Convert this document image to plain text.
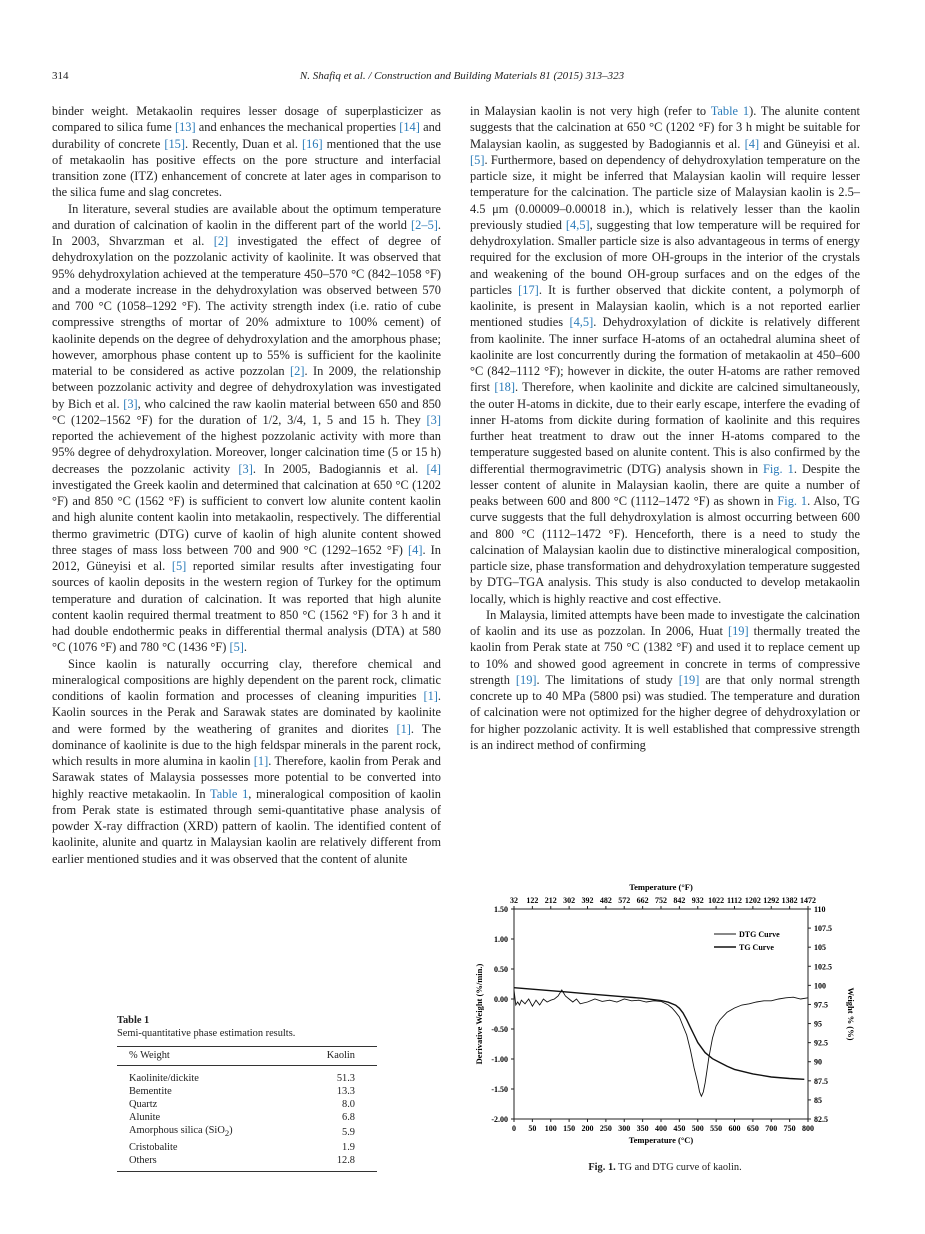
314	N. Shafiq et al. / Construction and Building Materials 81 (2015) 313–323

binder weight. Metakaolin requires lesser dosage of superplasticizer as compared to silica fume [13] and enhances the mechanical properties [14] and durability of concrete [15]. Recently, Duan et al. [16] mentioned that the use of metakaolin has positive effects on the pore structure and interfacial transition zone (ITZ) enhancement of concrete at later ages in comparison to the silica fume and slag concretes.

In literature, several studies are available about the optimum temperature and duration of calcination of kaolin in the different part of the world [2–5]. In 2003, Shvarzman et al. [2] investigated the effect of degree of dehydroxylation on the pozzolanic activity of kaolinite. It was observed that 95% dehydroxylation achieved at the temperature 450–570 °C (842–1058 °F) and a moderate increase in the dehydroxylation was observed between 570 and 700 °C (1058–1292 °F). The activity strength index (i.e. ratio of cube compressive strengths of mortar of 20% admixture to 100% cement) of kaolinite depends on the degree of dehydroxylation and the amorphous phase; however, amorphous phase content up to 55% is sufficient for the kaolinite material to be considered as active pozzolan [2]. In 2009, the relationship between pozzolanic activity and degree of dehydroxylation was investigated by Bich et al. [3], who calcined the raw kaolin material between 650 and 850 °C (1202–1562 °F) for the duration of 1/2, 3/4, 1, 5 and 15 h. They [3] reported the achievement of the highest pozzolanic activity with more than 95% degree of dehydroxylation. Moreover, longer calcination time (5 or 15 h) decreases the pozzolanic activity [3]. In 2005, Badogiannis et al. [4] investigated the Greek kaolin and determined that calcination at 650 °C (1202 °F) and 850 °C (1562 °F) is sufficient to convert low alunite content kaolin and high alunite content kaolin into metakaolin, respectively. The differential thermo gravimetric (DTG) curve of kaolin of high alunite content showed three stages of mass loss between 700 and 900 °C (1292–1652 °F) [4]. In 2012, Güneyisi et al. [5] reported similar results after investigating four sources of kaolin deposits in the western region of Turkey for the optimum temperature and duration of calcination. It was reported that high alunite content kaolin required thermal treatment to 850 °C (1562 °F) for 3 h and it had double endothermic peaks in differential thermal analysis (DTA) at 580 °C (1076 °F) and 780 °C (1436 °F) [5].

Since kaolin is naturally occurring clay, therefore chemical and mineralogical compositions are highly dependent on the parent rock, climatic conditions of kaolin formation and processes of cleaning impurities [1]. Kaolin sources in the Perak and Sarawak states are dominated by kaolinite and were formed by the weathering of granites and diorites [1]. The dominance of kaolinite is due to the high feldspar minerals in the parent rock, which results in more alumina in kaolin [1]. Therefore, kaolin from Perak and Sarawak states of Malaysia possesses more potential to be converted into highly reactive metakaolin. In Table 1, mineralogical composition of kaolin from Perak state is estimated through semi-quantitative phase analysis of powder X-ray diffraction (XRD) pattern of kaolin. The identified content of kaolinite, alunite and quartz in Malaysian kaolin are relatively different from earlier mentioned studies and it was observed that the content of alunite

in Malaysian kaolin is not very high (refer to Table 1). The alunite content suggests that the calcination at 650 °C (1202 °F) for 3 h might be suitable for Malaysian kaolin, as suggested by Badogiannis et al. [4] and Güneyisi et al. [5]. Furthermore, based on dependency of dehydroxylation temperature on the particle size, it might be inferred that Malaysian kaolin will require lesser temperature for the calcination. The particle size of Malaysian kaolin is 2.5–4.5 μm (0.00009–0.00018 in.), which is relatively lesser than the kaolin previously studied [4,5], suggesting that low temperature will be required for dehydroxylation. Smaller particle size is also advantageous in terms of energy required for the exclusion of more OH-groups in the interior of the crystals and weakening of the bound OH-group surfaces and on the edges of the particles [17]. It is further observed that dickite content, a polymorph of kaolinite, is present in Malaysian kaolin, which is a not reported earlier mentioned studies [4,5]. Dehydroxylation of dickite is relatively different from kaolinite. The inner surface H-atoms of an octahedral alumina sheet of kaolinite are lost concurrently during the formation of metakaolin at 450–600 °C (842–1112 °F); however in dickite, the outer H-atoms are rather removed first [18]. Therefore, when kaolinite and dickite are calcined simultaneously, the outer H-atoms in dickite, due to their early escape, interfere the evading of inner H-atoms from dickite during formation of kaolinite and this requires further heat treatment to draw out the inner H-atoms compared to the temperature suggested based on alunite content. This is also confirmed by the differential thermogravimetric (DTG) analysis shown in Fig. 1. Despite the lesser content of alunite in Malaysian kaolin, there are quite a number of peaks between 600 and 800 °C (1112–1472 °F) as shown in Fig. 1. Also, TG curve suggests that the full dehydroxylation is almost occurring between 600 and 800 °C (1112–1472 °F). Henceforth, there is a need to study the calcination of Malaysian kaolin due to distinctive mineralogical composition, particle size, phase transformation and dehydroxylation temperature suggested by DTG–TGA analysis. This study is also conducted to develop metakaolin locally, which is highly reactive and cost effective.

In Malaysia, limited attempts have been made to investigate the calcination of kaolin and its use as pozzolan. In 2006, Huat [19] thermally treated the kaolin from Perak state at 750 °C (1382 °F) and used it to replace cement up to 10% and showed good agreement in concrete in terms of compressive strength [19]. The limitations of study [19] are that only normal strength concrete up to 40 MPa (5800 psi) was studied. The temperature and duration of calcination were not optimized for the higher degree of dehydroxylation or for higher pozzolanic activity. It is well established that compressive strength is an indirect method of confirming

Table 1
Semi-quantitative phase estimation results.
% Weight	Kaolin
Kaolinite/dickite	51.3
Bementite	13.3
Quartz	8.0
Alunite	6.8
Amorphous silica (SiO$_2$)	5.9
Cristobalite	1.9
Others	12.8
0 50 100 150 200 250 300 350 400 450 500 550 600 650 700 750 800
32 122 212 302 392 482 572 662 752 842 932 1022 1112 1202 1292 1382 1472
1.50
1.00
0.50
0.00
-0.50
-1.00
-1.50
-2.00
110
107.5
105
102.5
100
97.5
95
92.5
90
87.5
85
82.5
Temperature (°F)
Temperature (°C)
Derivative Weight (%/min.)	Weight % (%)
DTG Curve
TG Curve
Fig. 1. TG and DTG curve of kaolin.
